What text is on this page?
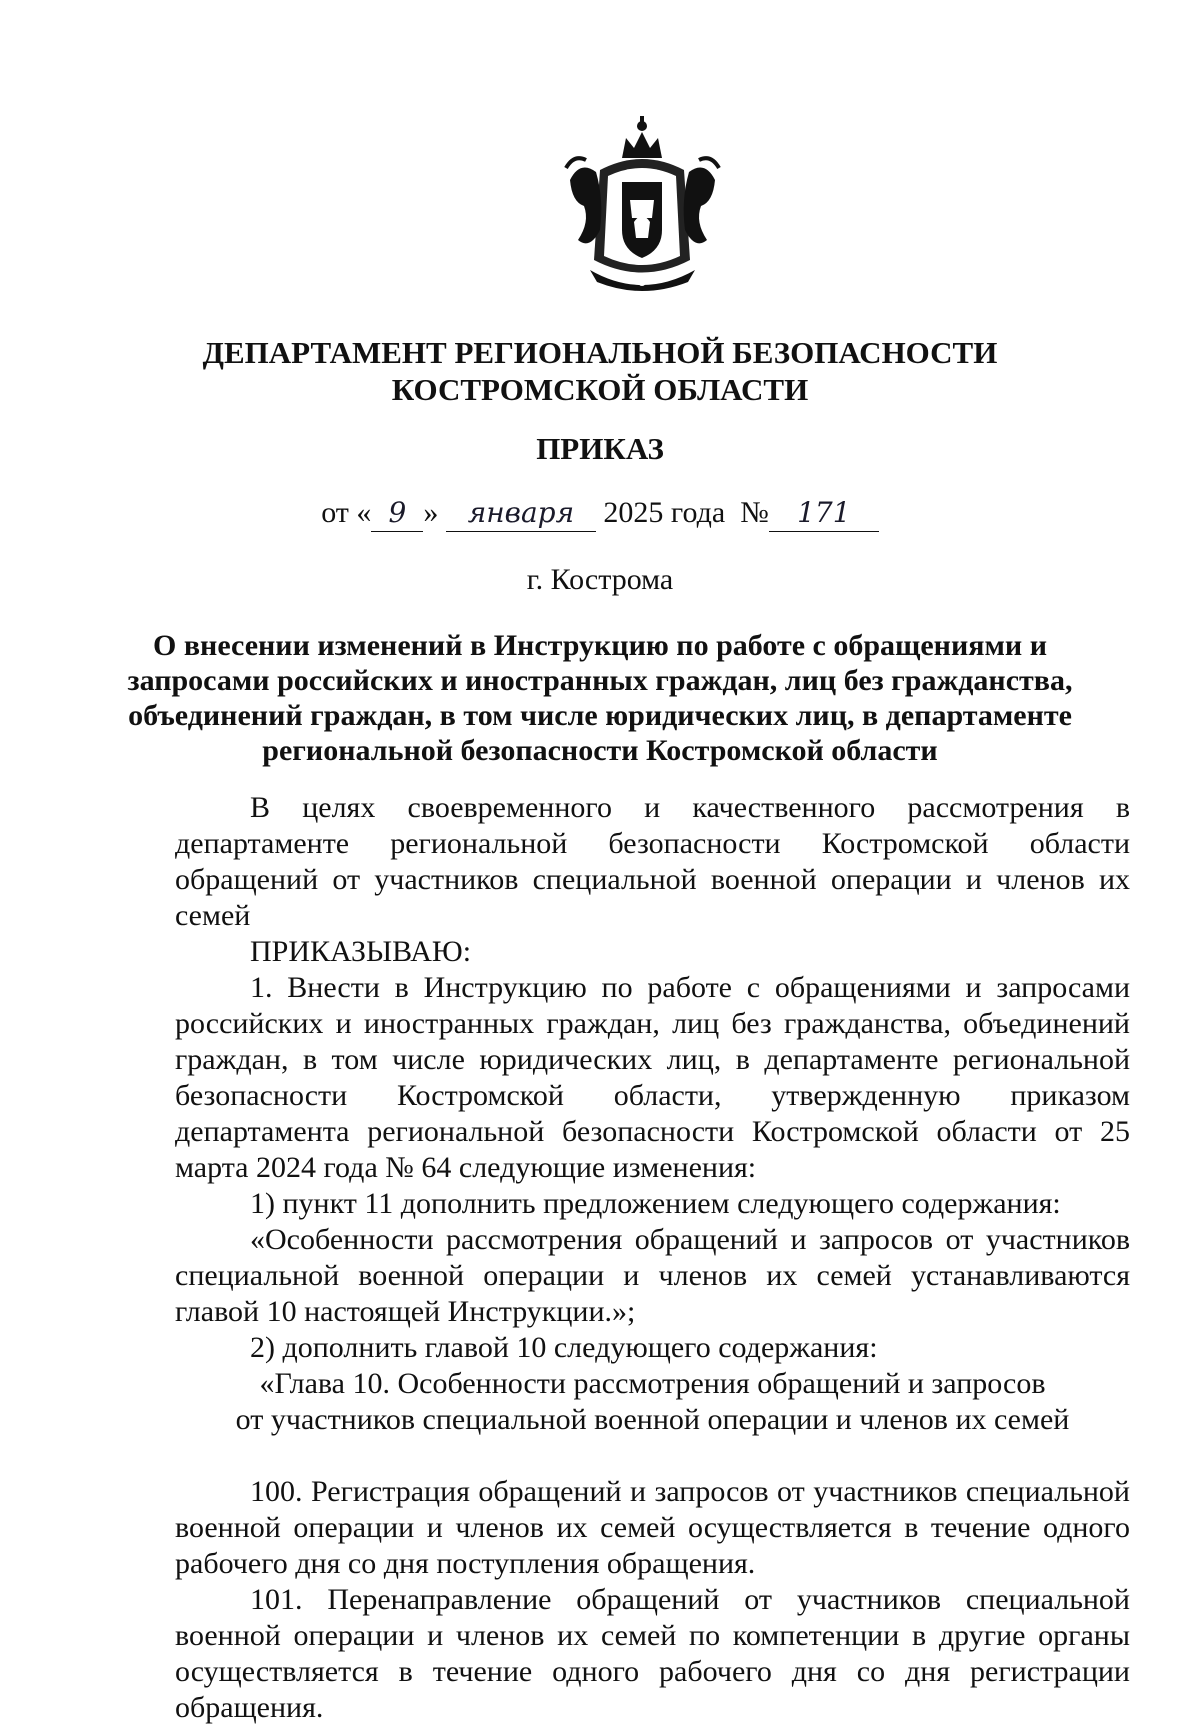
ДЕПАРТАМЕНТ РЕГИОНАЛЬНОЙ БЕЗОПАСНОСТИ
КОСТРОМСКОЙ ОБЛАСТИ
ПРИКАЗ
от « 9 » января 2025 года № 171
г. Кострома
О внесении изменений в Инструкцию по работе с обращениями и
запросами российских и иностранных граждан, лиц без гражданства,
объединений граждан, в том числе юридических лиц, в департаменте
региональной безопасности Костромской области

В целях своевременного и качественного рассмотрения в департаменте региональной безопасности Костромской области обращений от участников специальной военной операции и членов их семей

ПРИКАЗЫВАЮ:

1. Внести в Инструкцию по работе с обращениями и запросами российских и иностранных граждан, лиц без гражданства, объединений граждан, в том числе юридических лиц, в департаменте региональной безопасности Костромской области, утвержденную приказом департамента региональной безопасности Костромской области от 25 марта 2024 года № 64 следующие изменения:

1) пункт 11 дополнить предложением следующего содержания:

«Особенности рассмотрения обращений и запросов от участников специальной военной операции и членов их семей устанавливаются главой 10 настоящей Инструкции.»;

2) дополнить главой 10 следующего содержания:

«Глава 10. Особенности рассмотрения обращений и запросов

от участников специальной военной операции и членов их семей

100. Регистрация обращений и запросов от участников специальной военной операции и членов их семей осуществляется в течение одного рабочего дня со дня поступления обращения.

101. Перенаправление обращений от участников специальной военной операции и членов их семей по компетенции в другие органы осуществляется в течение одного рабочего дня со дня регистрации обращения.
